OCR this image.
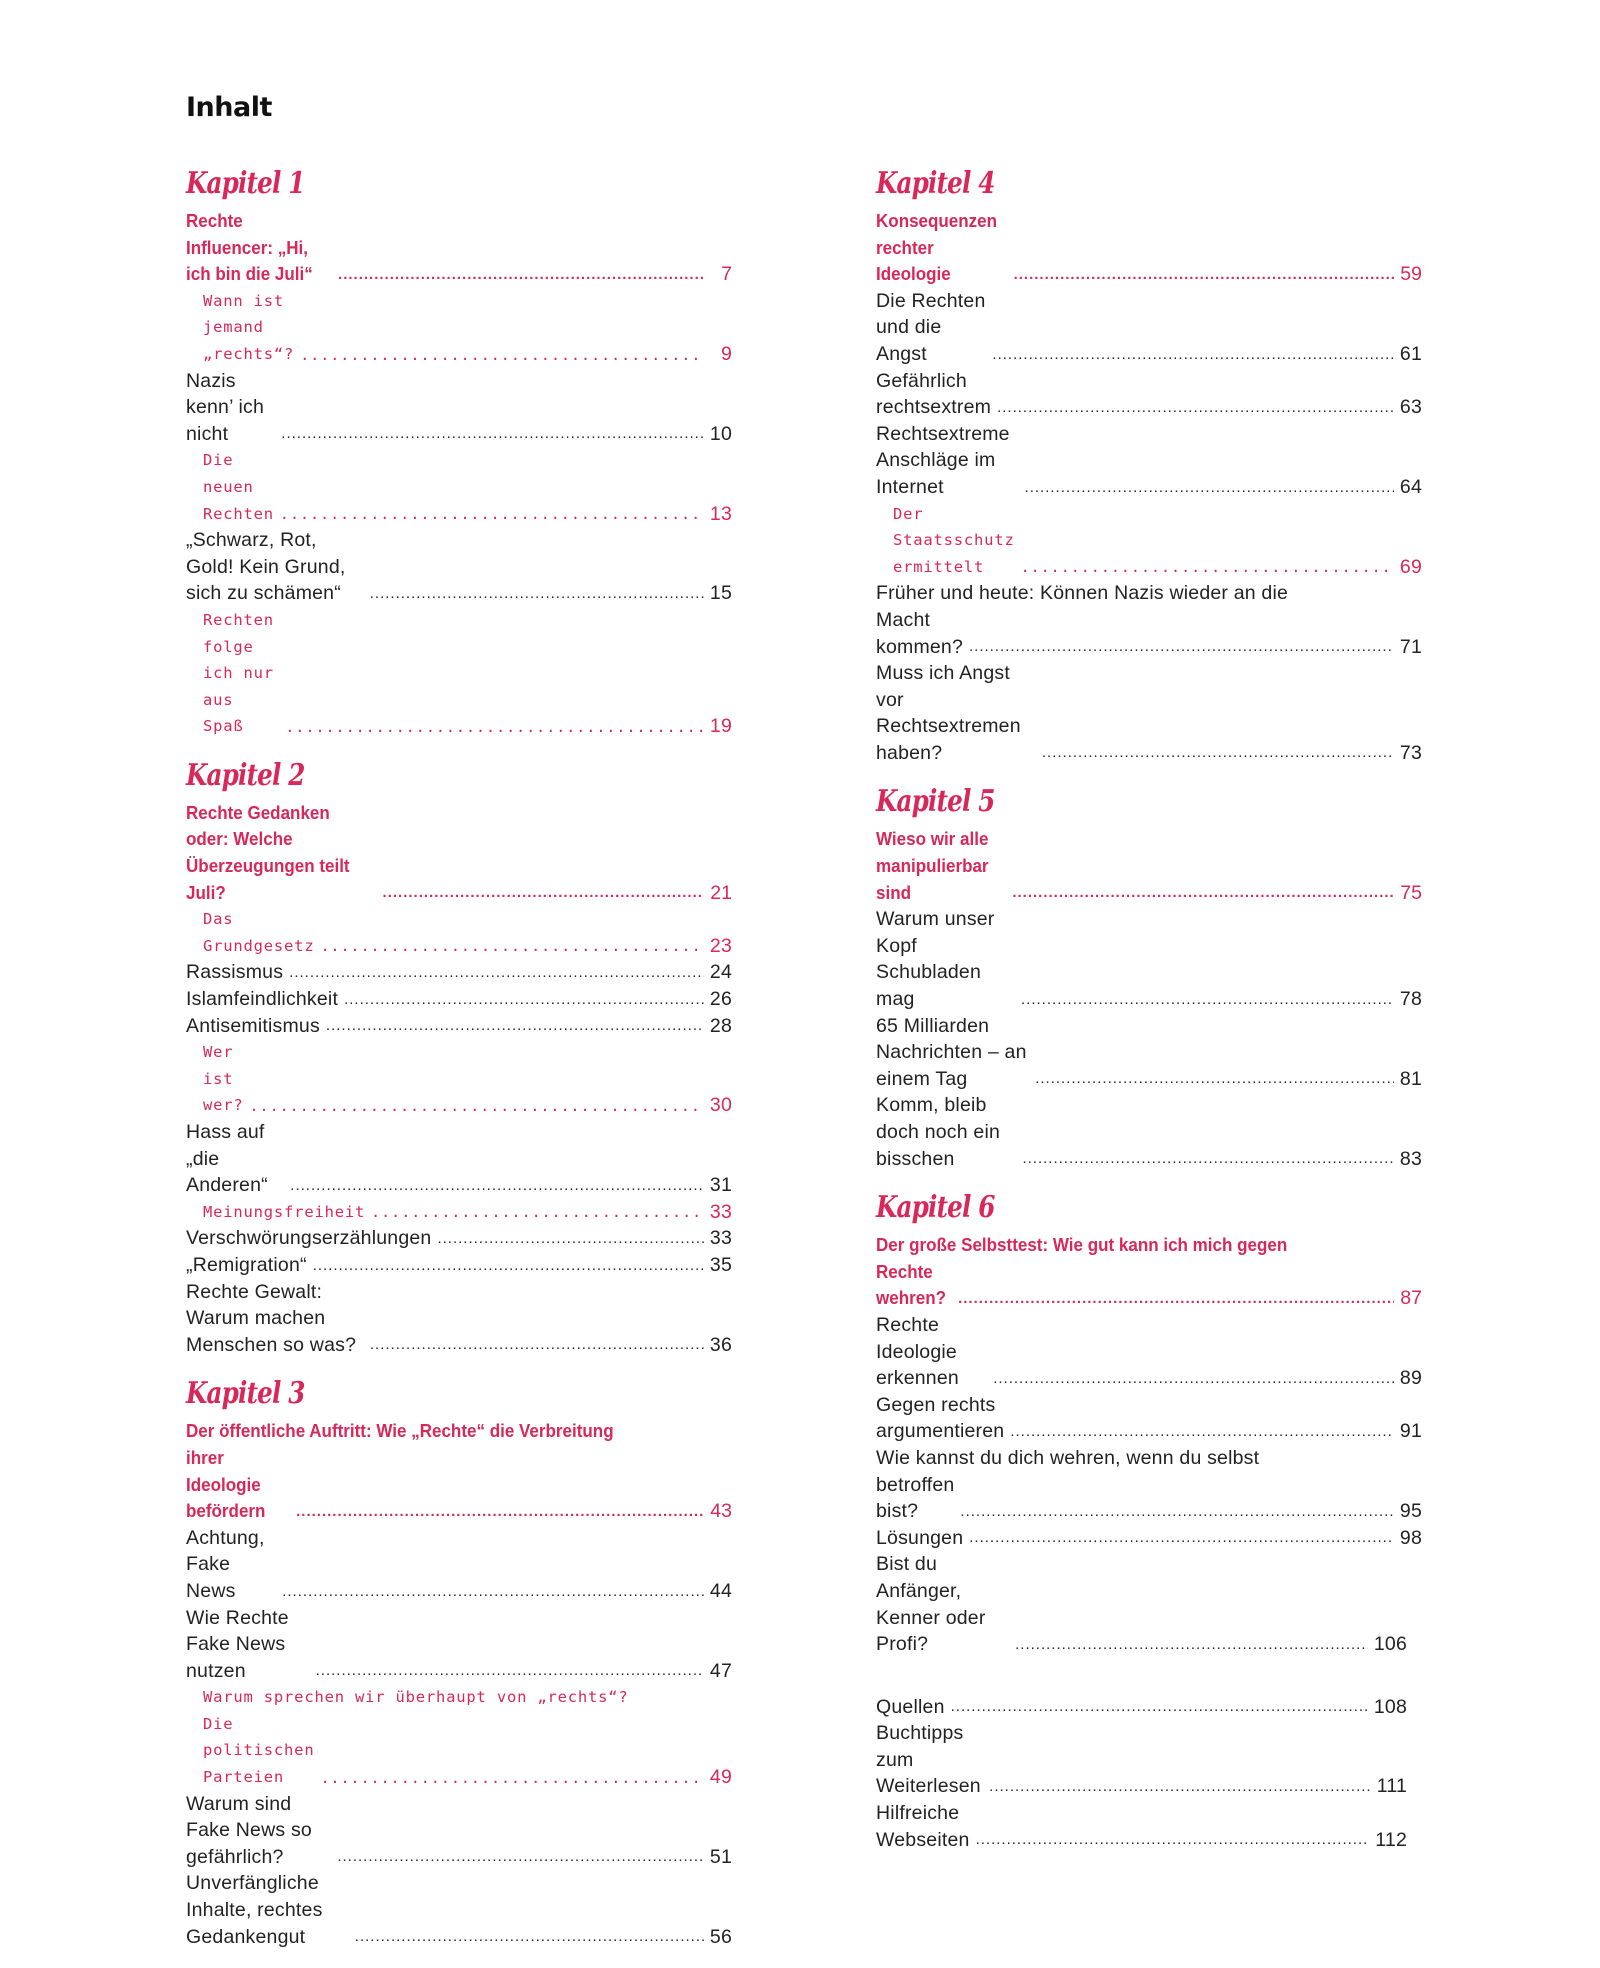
Inhalt
Kapitel 1
Rechte Influencer: „Hi, ich bin die Juli“ .....	7
Wann ist jemand „rechts“? .....	9
Nazis kenn’ ich nicht .....	10
Die neuen Rechten .....	13
„Schwarz, Rot, Gold! Kein Grund, sich zu schämen“ .....	15
Rechten folge ich nur aus Spaß .....	19
Kapitel 2
Rechte Gedanken oder: Welche Überzeugungen teilt Juli? .....	21
Das Grundgesetz .....	23
Rassismus .....	24
Islamfeindlichkeit .....	26
Antisemitismus .....	28
Wer ist wer? .....	30
Hass auf „die Anderen“ .....	31
Meinungsfreiheit .....	33
Verschwörungserzählungen .....	33
„Remigration“ .....	35
Rechte Gewalt: Warum machen Menschen so was? .....	36
Kapitel 3
Der öffentliche Auftritt: Wie „Rechte“ die Verbreitung
ihrer Ideologie befördern .....	43
Achtung, Fake News .....	44
Wie Rechte Fake News nutzen .....	47
Warum sprechen wir überhaupt von „rechts“?
Die politischen Parteien .....	49
Warum sind Fake News so gefährlich? .....	51
Unverfängliche Inhalte, rechtes Gedankengut .....	56
Kapitel 4
Konsequenzen rechter Ideologie .....	59
Die Rechten und die Angst .....	61
Gefährlich rechtsextrem .....	63
Rechtsextreme Anschläge im Internet .....	64
Der Staatsschutz ermittelt .....	69
Früher und heute: Können Nazis wieder an die
Macht kommen? .....	71
Muss ich Angst vor Rechtsextremen haben? .....	73
Kapitel 5
Wieso wir alle manipulierbar sind .....	75
Warum unser Kopf Schubladen mag .....	78
65 Milliarden Nachrichten – an einem Tag .....	81
Komm, bleib doch noch ein bisschen .....	83
Kapitel 6
Der große Selbsttest: Wie gut kann ich mich gegen
Rechte wehren? .....	87
Rechte Ideologie erkennen .....	89
Gegen rechts argumentieren .....	91
Wie kannst du dich wehren, wenn du selbst
betroffen bist? .....	95
Lösungen .....	98
Bist du Anfänger, Kenner oder Profi? .....	106
Quellen .....	108
Buchtipps zum Weiterlesen .....	111
Hilfreiche Webseiten .....	112
